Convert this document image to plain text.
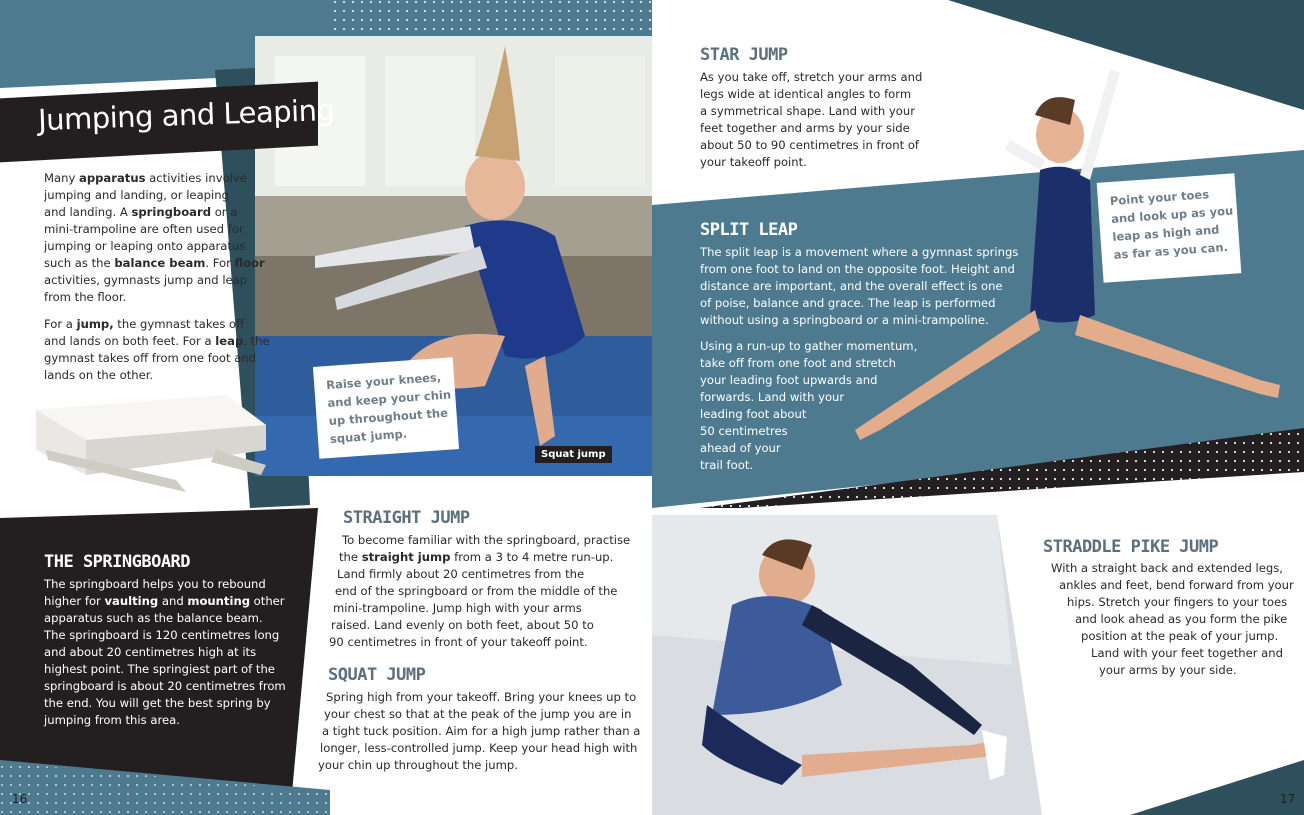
Jumping and Leaping
Many apparatus activities involve
jumping and landing, or leaping
and landing. A springboard or a
mini-trampoline are often used for
jumping or leaping onto apparatus
such as the balance beam. For floor
activities, gymnasts jump and leap
from the floor.
For a jump, the gymnast takes off
and lands on both feet. For a leap, the
gymnast takes off from one foot and
lands on the other.
THE SPRINGBOARD
The springboard helps you to rebound
higher for vaulting and mounting other
apparatus such as the balance beam.
The springboard is 120 centimetres long
and about 20 centimetres high at its
highest point. The springiest part of the
springboard is about 20 centimetres from
the end. You will get the best spring by
jumping from this area.
STRAIGHT JUMP
To become familiar with the springboard, practise
the straight jump from a 3 to 4 metre run-up.
Land firmly about 20 centimetres from the
end of the springboard or from the middle of the
mini-trampoline. Jump high with your arms
raised. Land evenly on both feet, about 50 to
90 centimetres in front of your takeoff point.
SQUAT JUMP
Spring high from your takeoff. Bring your knees up to
your chest so that at the peak of the jump you are in
a tight tuck position. Aim for a high jump rather than a
longer, less-controlled jump. Keep your head high with
your chin up throughout the jump.
Raise your knees,
and keep your chin
up throughout the
squat jump.
Squat jump
STAR JUMP
As you take off, stretch your arms and
legs wide at identical angles to form
a symmetrical shape. Land with your
feet together and arms by your side
about 50 to 90 centimetres in front of
your takeoff point.
SPLIT LEAP
The split leap is a movement where a gymnast springs
from one foot to land on the opposite foot. Height and
distance are important, and the overall effect is one
of poise, balance and grace. The leap is performed
without using a springboard or a mini-trampoline.
Using a run-up to gather momentum,
take off from one foot and stretch
your leading foot upwards and
forwards. Land with your
leading foot about
50 centimetres
ahead of your
trail foot.
Point your toes
and look up as you
leap as high and
as far as you can.
STRADDLE PIKE JUMP
With a straight back and extended legs,
ankles and feet, bend forward from your
hips. Stretch your fingers to your toes
and look ahead as you form the pike
position at the peak of your jump.
Land with your feet together and
your arms by your side.
16	17
